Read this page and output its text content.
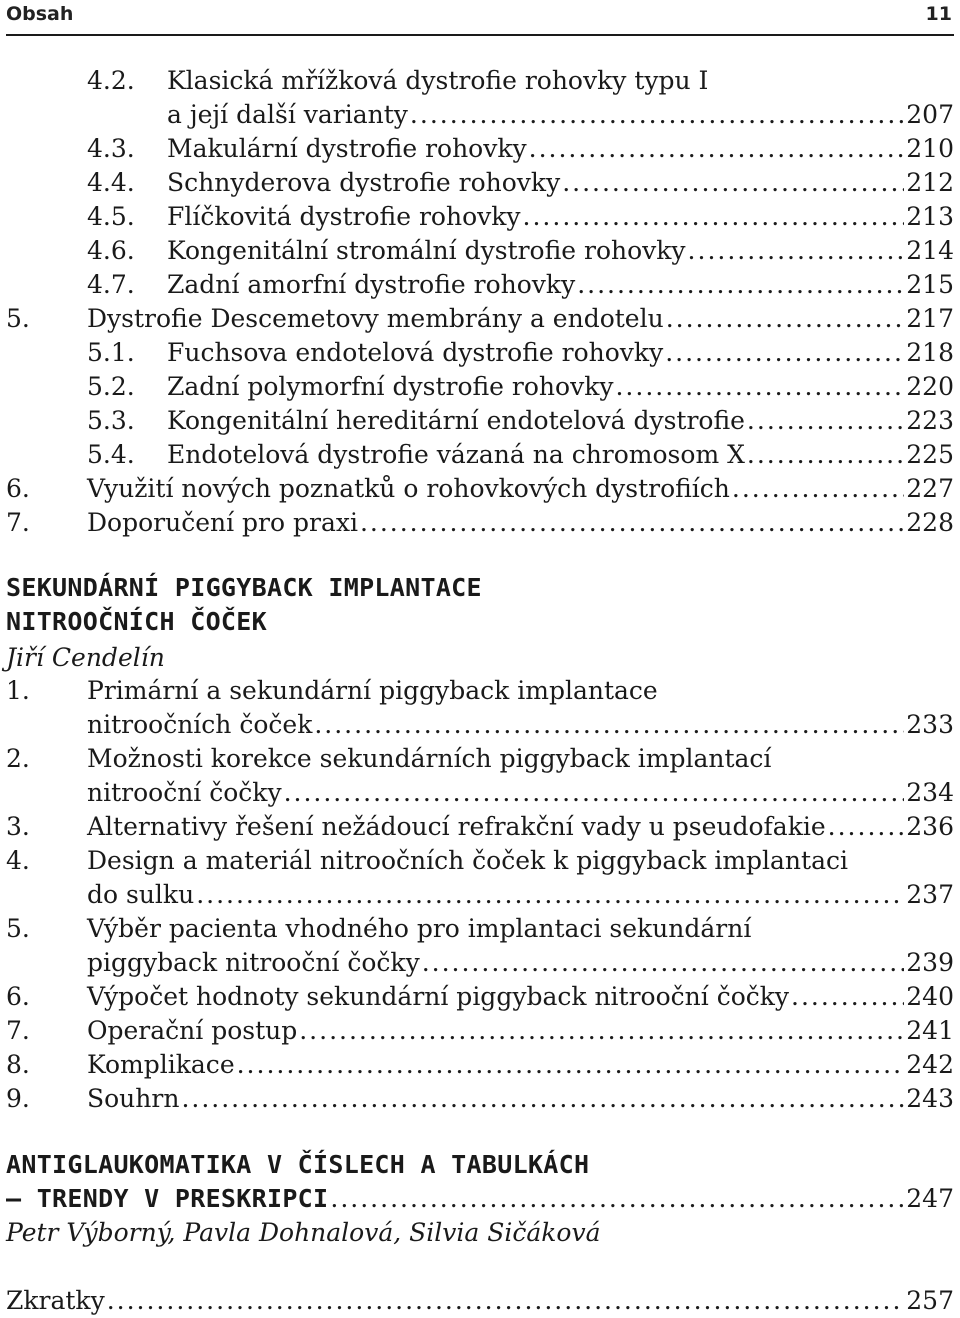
Obsah	11
4.2. Klasická mřížková dystrofie rohovky typu I
a její další varianty .....	207
4.3. Makulární dystrofie rohovky .....	210
4.4. Schnyderova dystrofie rohovky .....	212
4.5. Flíčkovitá dystrofie rohovky .....	213
4.6. Kongenitální stromální dystrofie rohovky .....	214
4.7. Zadní amorfní dystrofie rohovky .....	215
5. Dystrofie Descemetovy membrány a endotelu .....	217
5.1. Fuchsova endotelová dystrofie rohovky .....	218
5.2. Zadní polymorfní dystrofie rohovky .....	220
5.3. Kongenitální hereditární endotelová dystrofie .....	223
5.4. Endotelová dystrofie vázaná na chromosom X .....	225
6. Využití nových poznatků o rohovkových dystrofiích .....	227
7. Doporučení pro praxi .....	228
SEKUNDÁRNÍ PIGGYBACK IMPLANTACE
NITROOČNÍCH ČOČEK
Jiří Cendelín
1. Primární a sekundární piggyback implantace
nitroočních čoček .....	233
2. Možnosti korekce sekundárních piggyback implantací
nitrooční čočky .....	234
3. Alternativy řešení nežádoucí refrakční vady u pseudofakie .....	236
4. Design a materiál nitroočních čoček k piggyback implantaci
do sulku .....	237
5. Výběr pacienta vhodného pro implantaci sekundární
piggyback nitrooční čočky .....	239
6. Výpočet hodnoty sekundární piggyback nitrooční čočky .....	240
7. Operační postup .....	241
8. Komplikace .....	242
9. Souhrn .....	243
ANTIGLAUKOMATIKA V ČÍSLECH A TABULKÁCH
– TRENDY V PRESKRIPCI .....	247
Petr Výborný, Pavla Dohnalová, Silvia Sičáková
Zkratky .....	257
